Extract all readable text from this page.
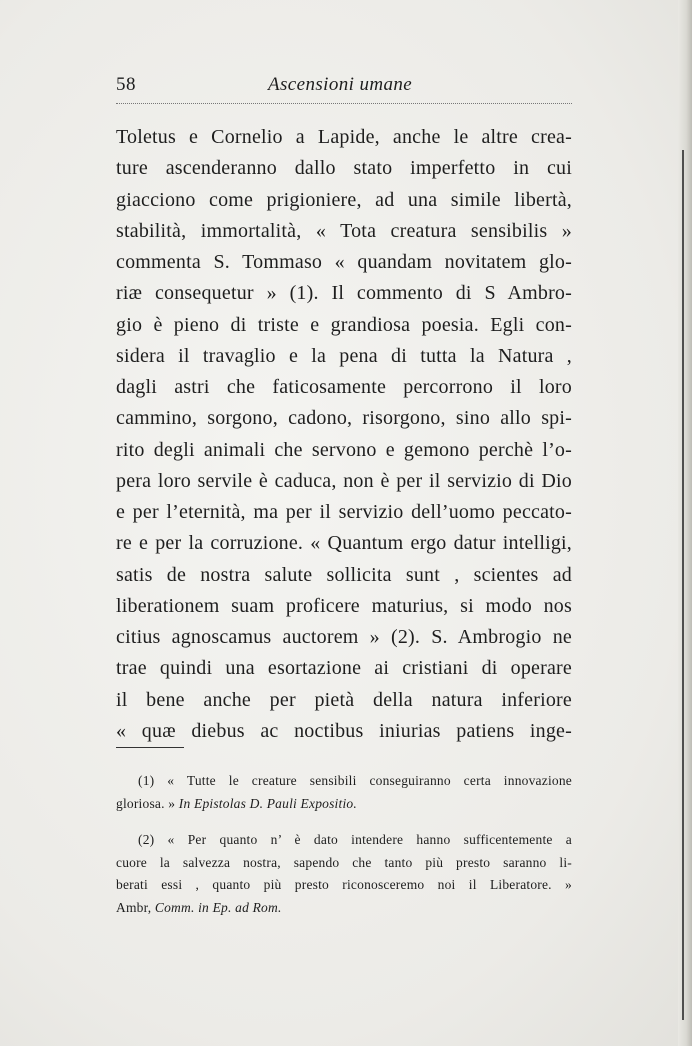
58	Ascensioni umane
Toletus e Cornelio a Lapide, anche le altre crea-
ture ascenderanno dallo stato imperfetto in cui
giacciono come prigioniere, ad una simile libertà,
stabilità, immortalità, « Tota creatura sensibilis »
commenta S. Tommaso « quandam novitatem glo-
riæ consequetur » (1). Il commento di S Ambro-
gio è pieno di triste e grandiosa poesia. Egli con-
sidera il travaglio e la pena di tutta la Natura ,
dagli astri che faticosamente percorrono il loro
cammino, sorgono, cadono, risorgono, sino allo spi-
rito degli animali che servono e gemono perchè l’o-
pera loro servile è caduca, non è per il servizio di Dio
e per l’eternità, ma per il servizio dell’uomo peccato-
re e per la corruzione. « Quantum ergo datur intelligi,
satis de nostra salute sollicita sunt , scientes ad
liberationem suam proficere maturius, si modo nos
citius agnoscamus auctorem » (2). S. Ambrogio ne
trae quindi una esortazione ai cristiani di operare
il bene anche per pietà della natura inferiore
« quæ diebus ac noctibus iniurias patiens inge-
(1) « Tutte le creature sensibili conseguiranno certa innovazione
gloriosa. » In Epistolas D. Pauli Expositio.
(2) « Per quanto n’ è dato intendere hanno sufficentemente a
cuore la salvezza nostra, sapendo che tanto più presto saranno li-
berati essi , quanto più presto riconosceremo noi il Liberatore. »
Ambr, Comm. in Ep. ad Rom.
